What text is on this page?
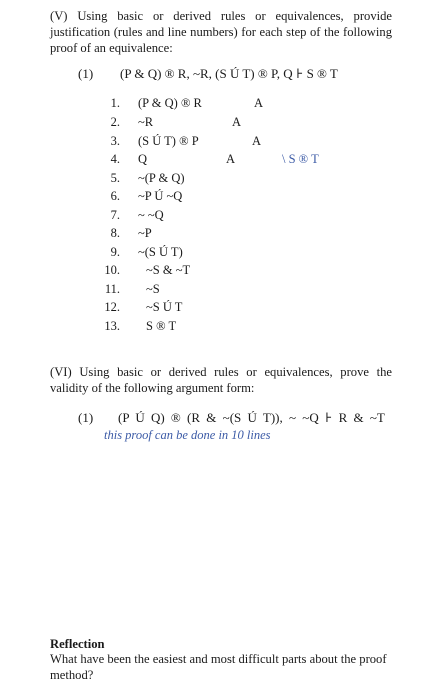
(V) Using basic or derived rules or equivalences, provide justification (rules and line numbers) for each step of the following proof of an equivalence:
(1) (P & Q) ® R, ~R, (S Ú T) ® P, Q ⊦ S ® T
1. (P & Q) ® R	A
2. ~R	A
3. (S Ú T) ® P	A
4. Q	A	\ S ® T
5. ~(P & Q)
6. ~P Ú ~Q
7. ~ ~Q
8. ~P
9. ~(S Ú T)
10. ~S & ~T
11. ~S
12. ~S Ú T
13. S ® T
(VI) Using basic or derived rules or equivalences, prove the validity of the following argument form:
(1) (P Ú Q) ® (R & ~(S Ú T)), ~ ~Q ⊦ R & ~T
this proof can be done in 10 lines
Reflection
What have been the easiest and most difficult parts about the proof method?
